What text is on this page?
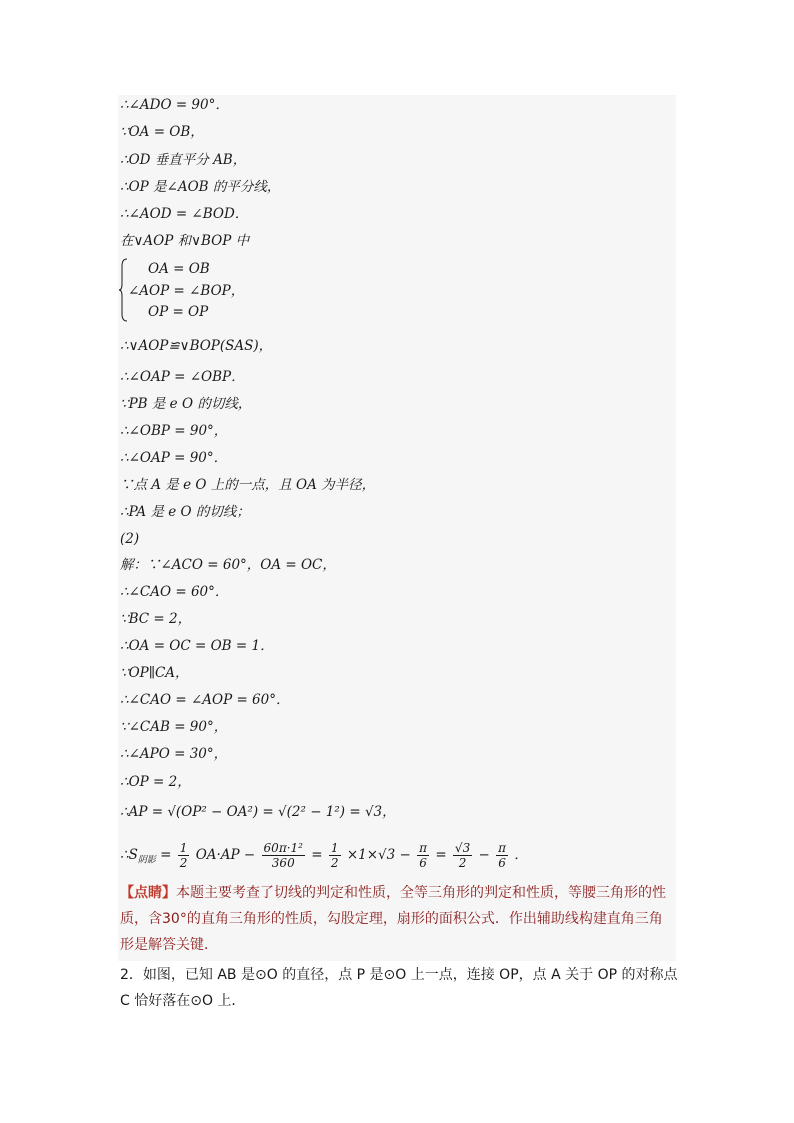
∴∠ADO = 90°．
∵OA = OB，
∴OD 垂直平分 AB，
∴OP 是∠AOB 的平分线，
∴∠AOD = ∠BOD．
在∨AOP 和∨BOP 中
OA = OB
∠AOP = ∠BOP，
OP = OP
∴∨AOP≌∨BOP(SAS)，
∴∠OAP = ∠OBP．
∵PB 是 e O 的切线，
∴∠OBP = 90°，
∴∠OAP = 90°．
∵点 A 是 e O 上的一点，且 OA 为半径，
∴PA 是 e O 的切线；
(2)
解：∵∠ACO = 60°，OA = OC，
∴∠CAO = 60°．
∵BC = 2，
∴OA = OC = OB = 1．
∵OP∥CA，
∴∠CAO = ∠AOP = 60°．
∵∠CAB = 90°，
∴∠APO = 30°，
∴OP = 2，
∴AP = √(OP² − OA²) = √(2² − 1²) = √3，
$\therefore S_{阴影} = \frac{1}{2} OA\cdot AP - \frac{\text{60π·1²}}{360} = \frac{1}{2} \times 1\times√3 - \frac{\pi}{6} = \frac{√3}{2} - \frac{\pi}{6}$ ．
【点睛】本题主要考查了切线的判定和性质，全等三角形的判定和性质，等腰三角形的性质，含30°的直角三角形的性质，勾股定理，扇形的面积公式．作出辅助线构建直角三角形是解答关键．
2．如图，已知 AB 是⊙O 的直径，点 P 是⊙O 上一点，连接 OP，点 A 关于 OP 的对称点 C 恰好落在⊙O 上．
